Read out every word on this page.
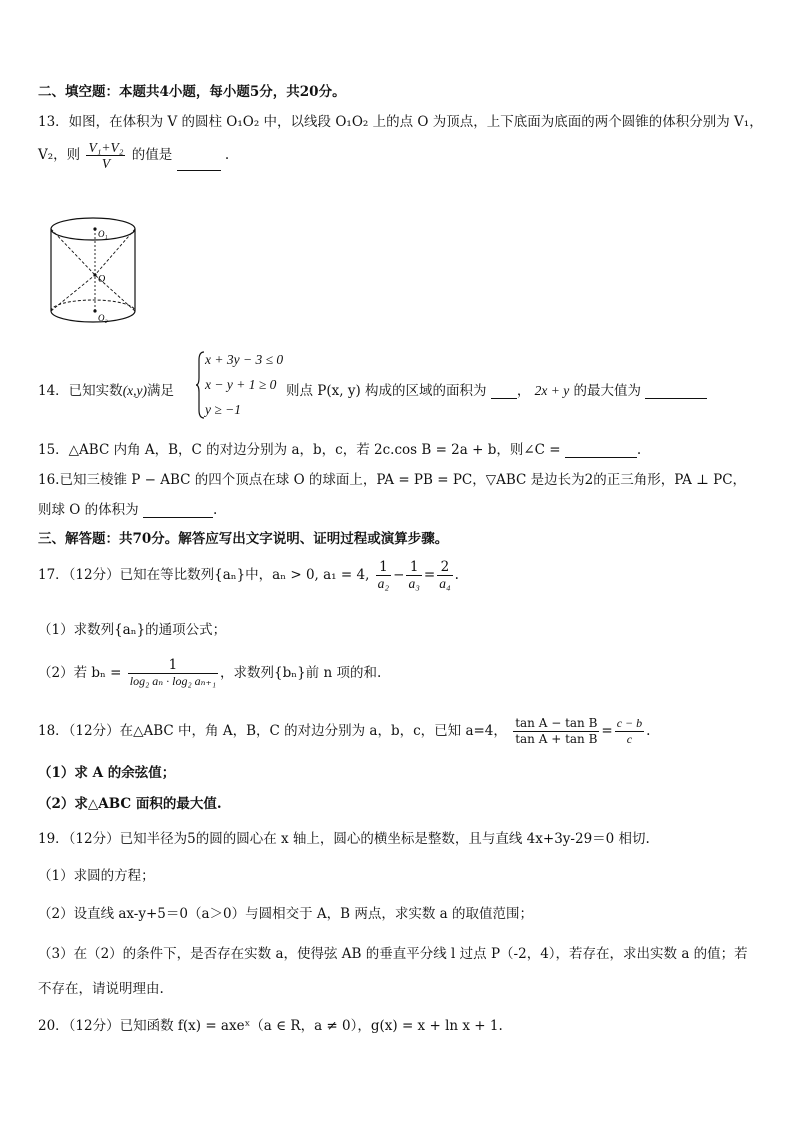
二、填空题：本题共4小题，每小题5分，共20分。
13．如图，在体积为 V 的圆柱 O₁O₂ 中，以线段 O₁O₂ 上的点 O 为顶点，上下底面为底面的两个圆锥的体积分别为 V₁，
V₂，则 $\frac{\text{V₁+V₂}}{V}$ 的值是	.
O₁
O
O₂
x + 3y − 3 ≤ 0
x − y + 1 ≥ 0
y ≥ −1
14．已知实数(x,y)满足	则点 P(x, y) 构成的区域的面积为 ， 2x + y 的最大值为
15．△ABC 内角 A，B，C 的对边分别为 a，b，c，若 2c.cos B = 2a + b，则∠C =	.
16.已知三棱锥 P − ABC 的四个顶点在球 O 的球面上，PA = PB = PC，▽ABC 是边长为2的正三角形，PA ⊥ PC，
则球 O 的体积为	.
三、解答题：共70分。解答应写出文字说明、证明过程或演算步骤。
17．（12分）已知在等比数列{aₙ}中，aₙ > 0, a₁ = 4, $\frac{1}{\text{a₂}} - \frac{1}{\text{a₃}} = \frac{2}{\text{a₄}}$ .
（1）求数列{aₙ}的通项公式；
（2）若 $b_n = \frac{1}{\text{log₂ aₙ · log₂ aₙ₊₁}}$ ，求数列{bₙ}前 n 项的和.
18．（12分）在△ABC 中，角 A，B，C 的对边分别为 a，b，c，已知 a=4， $\frac{\text{tan A − tan B}}{\text{tan A + tan B}} = \frac{c - b}{c}$ .
（1）求 A 的余弦值；
（2）求△ABC 面积的最大值.
19．（12分）已知半径为5的圆的圆心在 x 轴上，圆心的横坐标是整数，且与直线 4x+3y-29＝0 相切.
（1）求圆的方程；
（2）设直线 ax-y+5＝0（a＞0）与圆相交于 A，B 两点，求实数 a 的取值范围；
（3）在（2）的条件下，是否存在实数 a，使得弦 AB 的垂直平分线 l 过点 P（-2，4），若存在，求出实数 a 的值；若
不存在，请说明理由.
20．（12分）已知函数 f(x) = axeˣ（a ∈ R，a ≠ 0），g(x) = x + ln x + 1.
